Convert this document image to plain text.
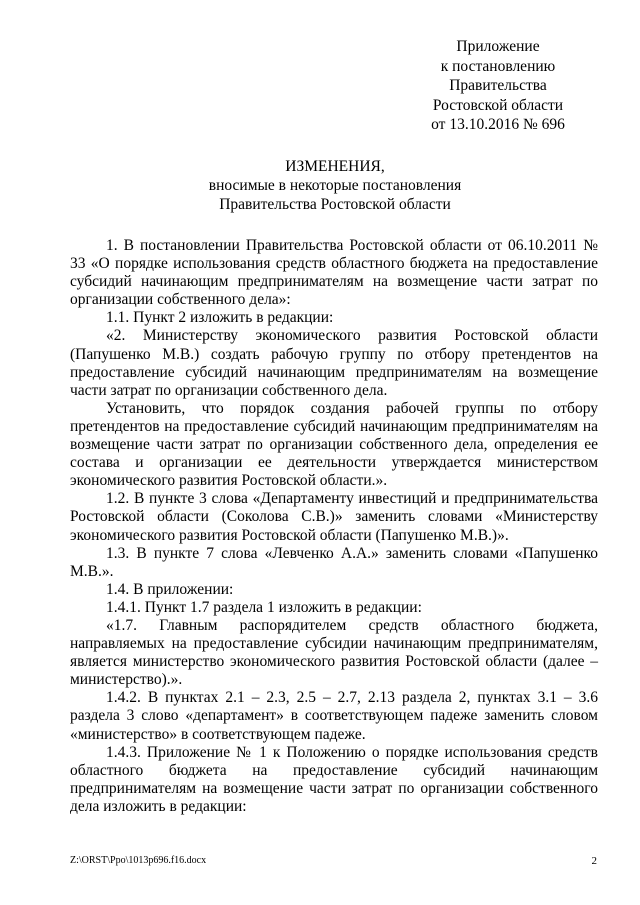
Приложение
к постановлению
Правительства
Ростовской области
от 13.10.2016 № 696
ИЗМЕНЕНИЯ,
вносимые в некоторые постановления
Правительства Ростовской области

1. В постановлении Правительства Ростовской области от 06.10.2011 № 33 «О порядке использования средств областного бюджета на предоставление субсидий начинающим предпринимателям на возмещение части затрат по организации собственного дела»:

1.1. Пункт 2 изложить в редакции:

«2. Министерству экономического развития Ростовской области (Папушенко М.В.) создать рабочую группу по отбору претендентов на предоставление субсидий начинающим предпринимателям на возмещение части затрат по организации собственного дела.

Установить, что порядок создания рабочей группы по отбору претендентов на предоставление субсидий начинающим предпринимателям на возмещение части затрат по организации собственного дела, определения ее состава и организации ее деятельности утверждается министерством экономического развития Ростовской области.».

1.2. В пункте 3 слова «Департаменту инвестиций и предпринимательства Ростовской области (Соколова С.В.)» заменить словами «Министерству экономического развития Ростовской области (Папушенко М.В.)».

1.3. В пункте 7 слова «Левченко А.А.» заменить словами «Папушенко М.В.».

1.4. В приложении:

1.4.1. Пункт 1.7 раздела 1 изложить в редакции:

«1.7. Главным распорядителем средств областного бюджета, направляемых на предоставление субсидии начинающим предпринимателям, является министерство экономического развития Ростовской области (далее – министерство).».

1.4.2. В пунктах 2.1 – 2.3, 2.5 – 2.7, 2.13 раздела 2, пунктах 3.1 – 3.6 раздела 3 слово «департамент» в соответствующем падеже заменить словом «министерство» в соответствующем падеже.

1.4.3. Приложение № 1 к Положению о порядке использования средств областного бюджета на предоставление субсидий начинающим предпринимателям на возмещение части затрат по организации собственного дела изложить в редакции:

Z:\ORST\Ppo\1013p696.f16.docx	2
